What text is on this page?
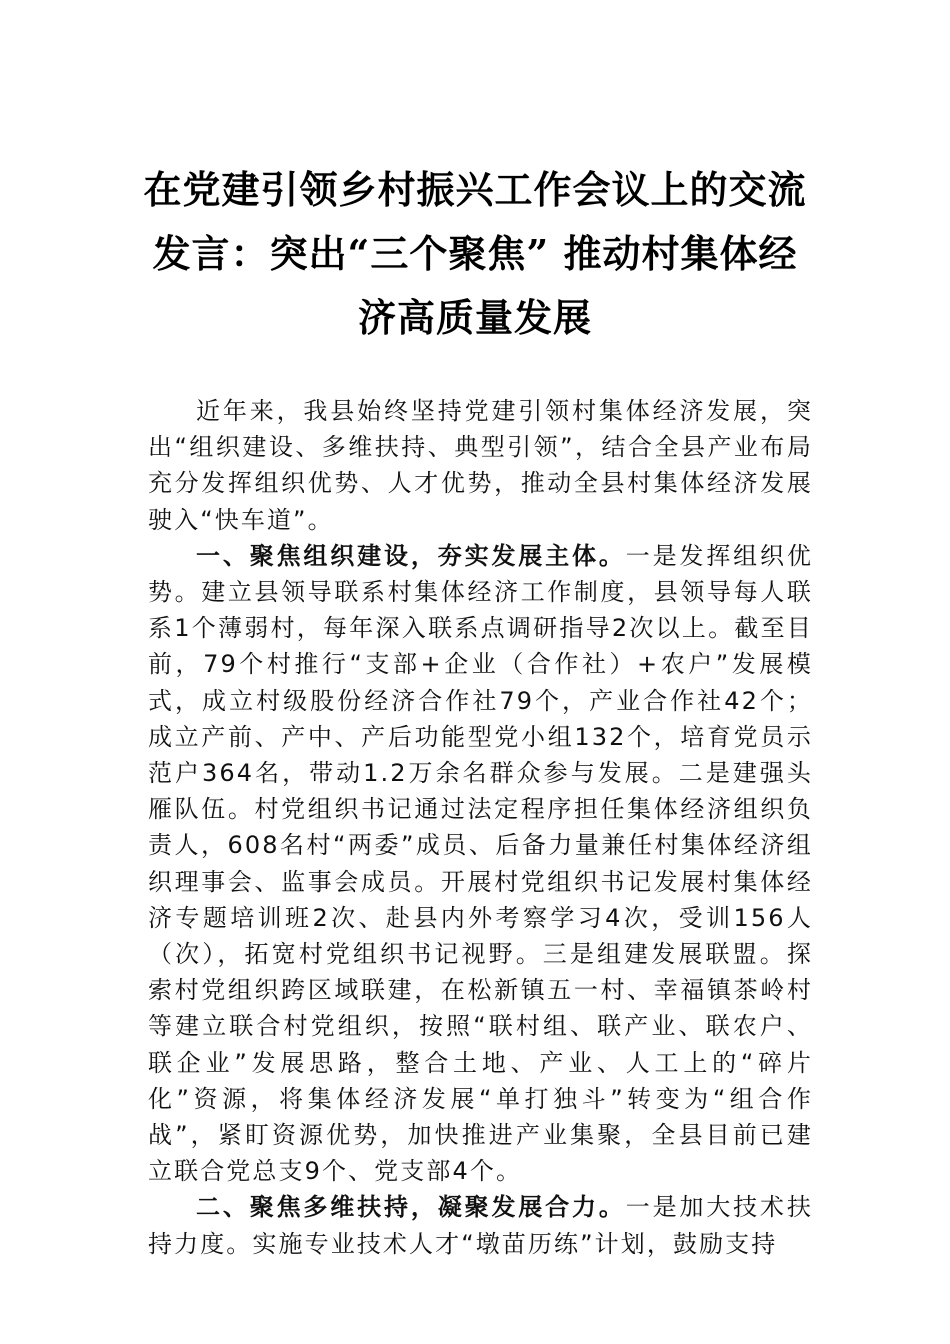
在党建引领乡村振兴工作会议上的交流发言：突出“三个聚焦” 推动村集体经济高质量发展

近年来，我县始终坚持党建引领村集体经济发展，突出“组织建设、多维扶持、典型引领”，结合全县产业布局充分发挥组织优势、人才优势，推动全县村集体经济发展驶入“快车道”。

一、聚焦组织建设，夯实发展主体。一是发挥组织优势。建立县领导联系村集体经济工作制度，县领导每人联系1个薄弱村，每年深入联系点调研指导2次以上。截至目前，79个村推行“支部+企业（合作社）+农户”发展模式，成立村级股份经济合作社79个，产业合作社42个；成立产前、产中、产后功能型党小组132个，培育党员示范户364名，带动1.2万余名群众参与发展。二是建强头雁队伍。村党组织书记通过法定程序担任集体经济组织负责人，608名村“两委”成员、后备力量兼任村集体经济组织理事会、监事会成员。开展村党组织书记发展村集体经济专题培训班2次、赴县内外考察学习4次，受训156人（次），拓宽村党组织书记视野。三是组建发展联盟。探索村党组织跨区域联建，在松新镇五一村、幸福镇茶岭村等建立联合村党组织，按照“联村组、联产业、联农户、联企业”发展思路，整合土地、产业、人工上的“碎片化”资源，将集体经济发展“单打独斗”转变为“组合作战”，紧盯资源优势，加快推进产业集聚，全县目前已建立联合党总支9个、党支部4个。

二、聚焦多维扶持，凝聚发展合力。一是加大技术扶持力度。实施专业技术人才“墩苗历练”计划，鼓励支持
